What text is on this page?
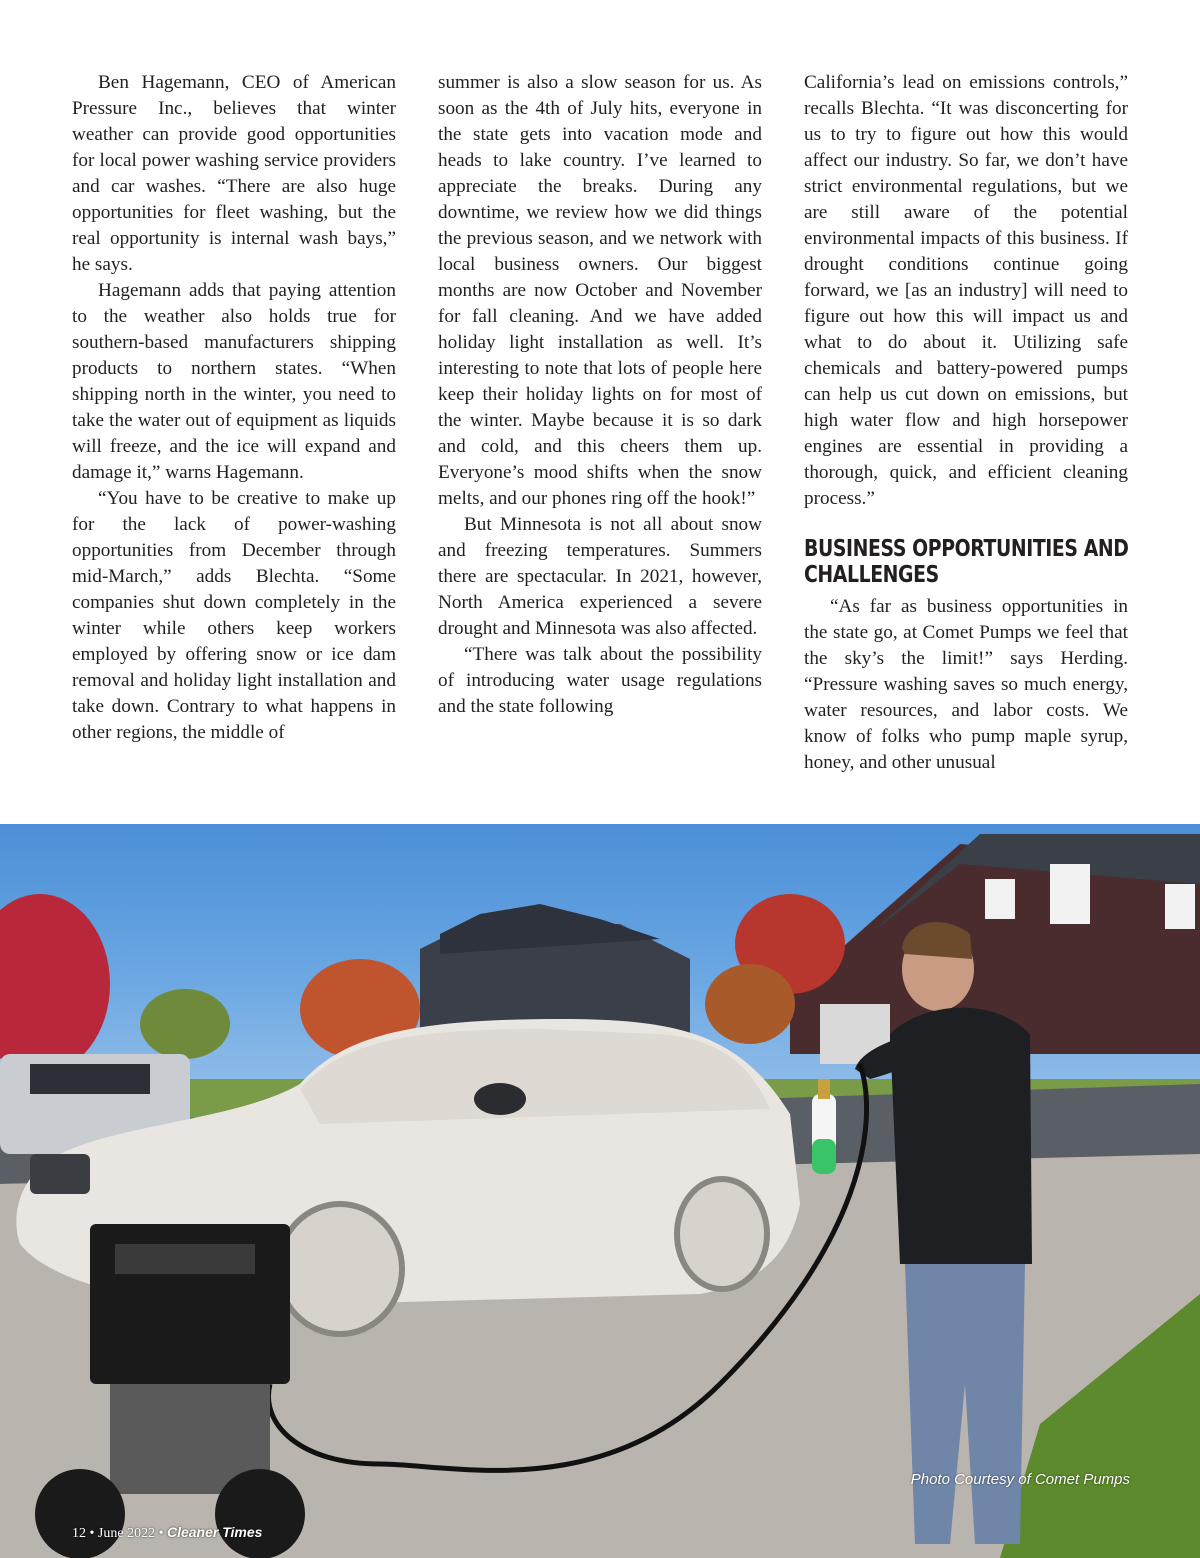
Ben Hagemann, CEO of American Pressure Inc., believes that winter weather can provide good opportunities for local power washing service providers and car washes. “There are also huge opportunities for fleet washing, but the real opportunity is internal wash bays,” he says.

Hagemann adds that paying attention to the weather also holds true for southern-based manufacturers shipping products to northern states. “When shipping north in the winter, you need to take the water out of equipment as liquids will freeze, and the ice will expand and damage it,” warns Hagemann.

“You have to be creative to make up for the lack of power-washing opportunities from December through mid-March,” adds Blechta. “Some companies shut down completely in the winter while others keep workers employed by offering snow or ice dam removal and holiday light installation and take down. Contrary to what happens in other regions, the middle of

summer is also a slow season for us. As soon as the 4th of July hits, everyone in the state gets into vacation mode and heads to lake country. I’ve learned to appreciate the breaks. During any downtime, we review how we did things the previous season, and we network with local business owners. Our biggest months are now October and November for fall cleaning. And we have added holiday light installation as well. It’s interesting to note that lots of people here keep their holiday lights on for most of the winter. Maybe because it is so dark and cold, and this cheers them up. Everyone’s mood shifts when the snow melts, and our phones ring off the hook!”

But Minnesota is not all about snow and freezing temperatures. Summers there are spectacular. In 2021, however, North America experienced a severe drought and Minnesota was also affected.

“There was talk about the possibility of introducing water usage regulations and the state following

California’s lead on emissions controls,” recalls Blechta. “It was disconcerting for us to try to figure out how this would affect our industry. So far, we don’t have strict environmental regulations, but we are still aware of the potential environmental impacts of this business. If drought conditions continue going forward, we [as an industry] will need to figure out how this will impact us and what to do about it. Utilizing safe chemicals and battery-powered pumps can help us cut down on emissions, but high water flow and high horsepower engines are essential in providing a thorough, quick, and efficient cleaning process.”

BUSINESS OPPORTUNITIES AND
CHALLENGES

“As far as business opportunities in the state go, at Comet Pumps we feel that the sky’s the limit!” says Herding. “Pressure washing saves so much energy, water resources, and labor costs. We know of folks who pump maple syrup, honey, and other unusual

Photo Courtesy of Comet Pumps
12 • June 2022 • Cleaner Times
